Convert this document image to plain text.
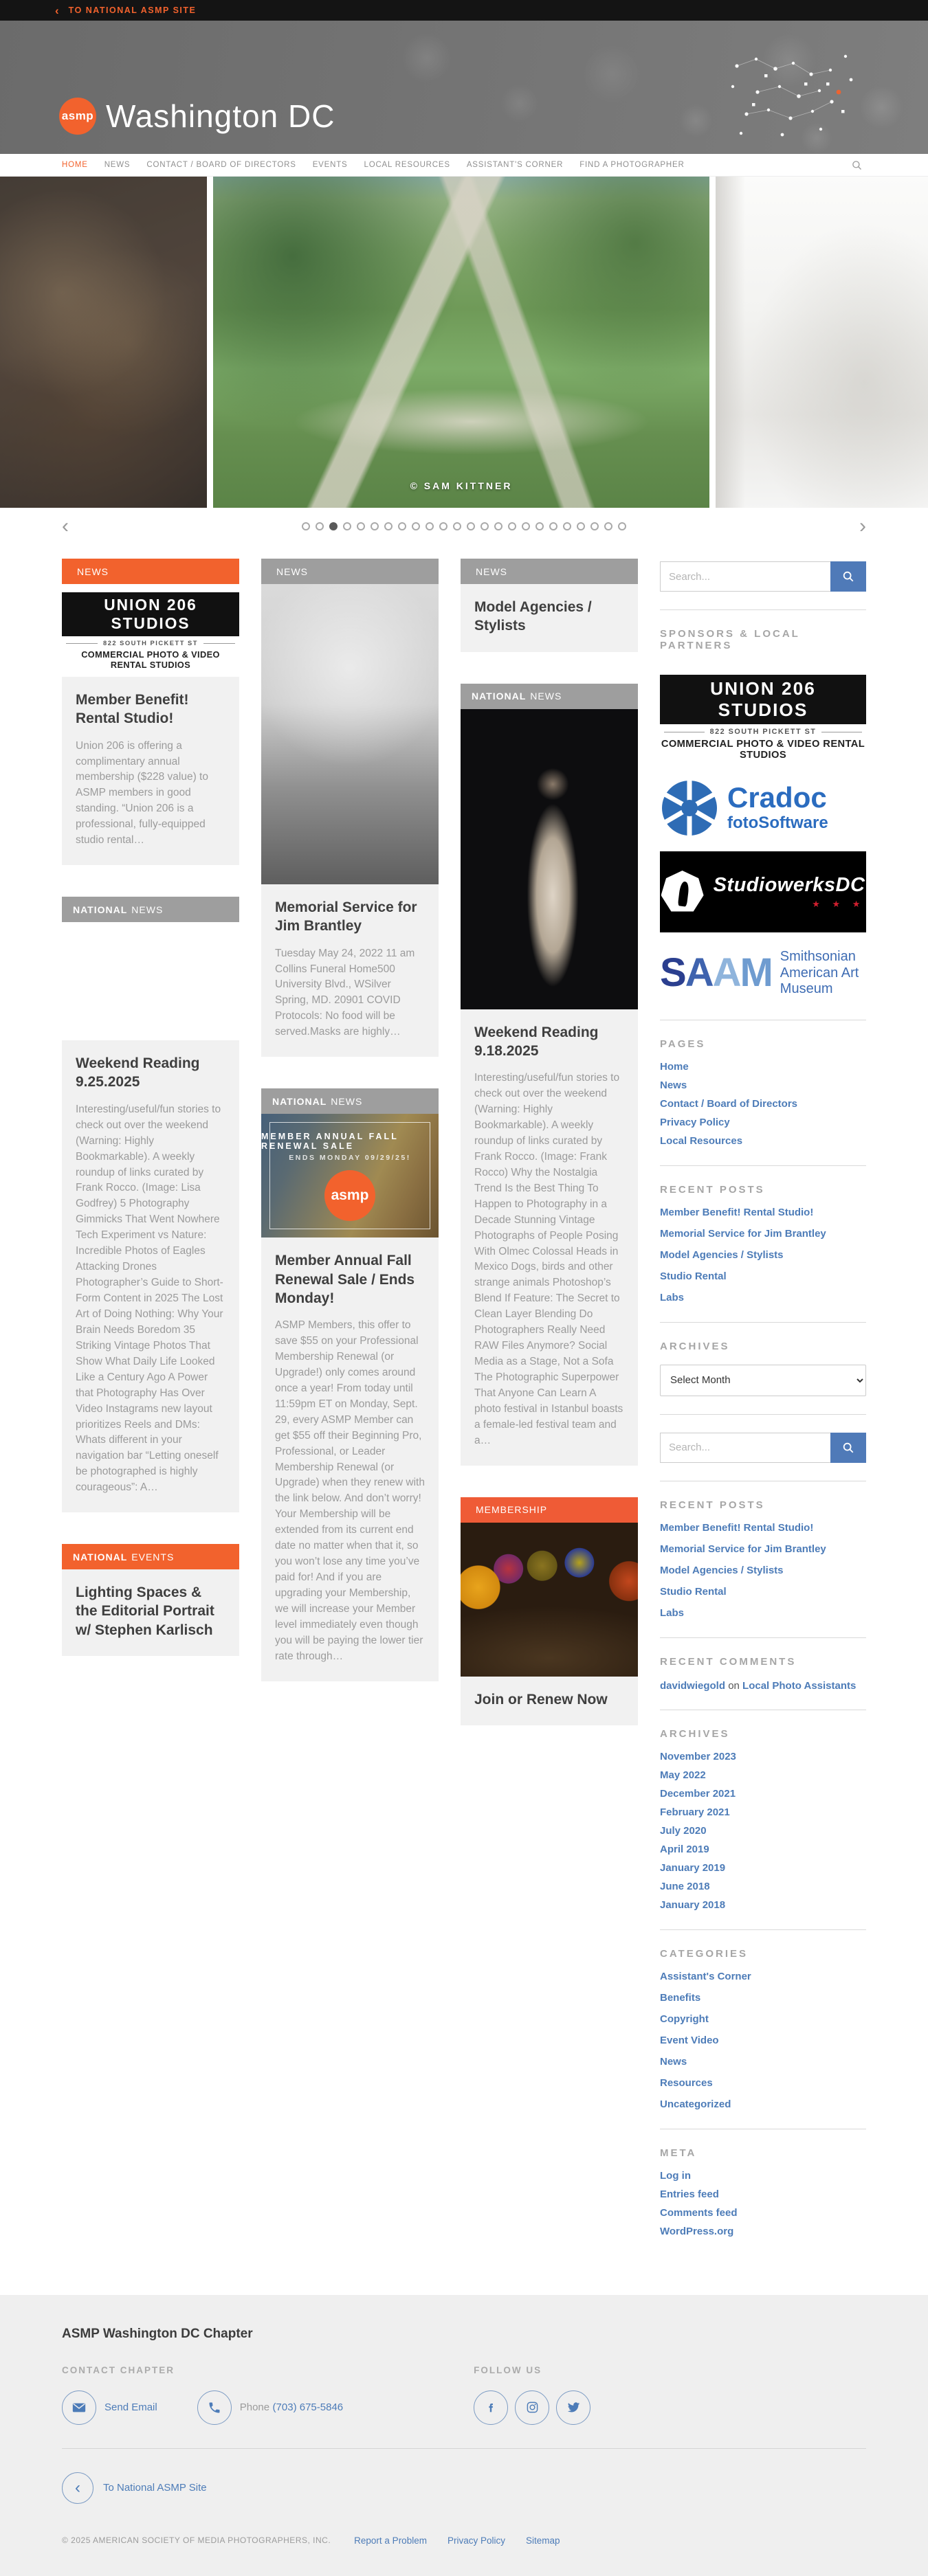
‹ TO NATIONAL ASMP SITE
asmp Washington DC
HOME NEWS CONTACT / BOARD OF DIRECTORS EVENTS LOCAL RESOURCES ASSISTANT'S CORNER FIND A PHOTOGRAPHER
© SAM KITTNER
‹	›
NEWS
UNION 206 STUDIOS
822 SOUTH PICKETT ST
COMMERCIAL PHOTO & VIDEO RENTAL STUDIOS
Member Benefit! Rental Studio!

Union 206 is offering a complimentary annual membership ($228 value) to ASMP members in good standing. “Union 206 is a professional, fully-equipped studio rental…

NATIONAL NEWS
Weekend Reading 9.25.2025

Interesting/useful/fun stories to check out over the weekend (Warning: Highly Bookmarkable). A weekly roundup of links curated by Frank Rocco. (Image: Lisa Godfrey) 5 Photography Gimmicks That Went Nowhere Tech Experiment vs Nature: Incredible Photos of Eagles Attacking Drones Photographer’s Guide to Short-Form Content in 2025 The Lost Art of Doing Nothing: Why Your Brain Needs Boredom 35 Striking Vintage Photos That Show What Daily Life Looked Like a Century Ago A Power that Photography Has Over Video Instagrams new layout prioritizes Reels and DMs: Whats different in your navigation bar “Letting oneself be photographed is highly courageous”: A…

NATIONAL EVENTS
Lighting Spaces & the Editorial Portrait w/ Stephen Karlisch
NEWS
Memorial Service for Jim Brantley

Tuesday May 24, 2022 11 am Collins Funeral Home500 University Blvd., WSilver Spring, MD. 20901 COVID Protocols: No food will be served.Masks are highly…

NATIONAL NEWS
MEMBER ANNUAL FALL RENEWAL SALE
ENDS MONDAY 09/29/25!
asmp
Member Annual Fall Renewal Sale / Ends Monday!

ASMP Members, this offer to save $55 on your Professional Membership Renewal (or Upgrade!) only comes around once a year! From today until 11:59pm ET on Monday, Sept. 29, every ASMP Member can get $55 off their Beginning Pro, Professional, or Leader Membership Renewal (or Upgrade) when they renew with the link below. And don’t worry! Your Membership will be extended from its current end date no matter when that it, so you won’t lose any time you’ve paid for! And if you are upgrading your Membership, we will increase your Member level immediately even though you will be paying the lower tier rate through…

NEWS
Model Agencies / Stylists
NATIONAL NEWS
Weekend Reading 9.18.2025

Interesting/useful/fun stories to check out over the weekend (Warning: Highly Bookmarkable). A weekly roundup of links curated by Frank Rocco. (Image: Frank Rocco) Why the Nostalgia Trend Is the Best Thing To Happen to Photography in a Decade Stunning Vintage Photographs of People Posing With Olmec Colossal Heads in Mexico Dogs, birds and other strange animals Photoshop’s Blend If Feature: The Secret to Clean Layer Blending Do Photographers Really Need RAW Files Anymore? Social Media as a Stage, Not a Sofa The Photographic Superpower That Anyone Can Learn A photo festival in Istanbul boasts a female-led festival team and a…

MEMBERSHIP
Join or Renew Now
Search...
SPONSORS & LOCAL PARTNERS
UNION 206 STUDIOS
822 SOUTH PICKETT ST
COMMERCIAL PHOTO & VIDEO RENTAL STUDIOS
Cradoc
fotoSoftware
StudiowerksDC
★ ★ ★
S A A M Smithsonian American Art Museum
PAGES
Home
News
Contact / Board of Directors
Privacy Policy
Local Resources
RECENT POSTS
Member Benefit! Rental Studio!
Memorial Service for Jim Brantley
Model Agencies / Stylists
Studio Rental
Labs
ARCHIVES
Select Month
Search...
RECENT POSTS
Member Benefit! Rental Studio!
Memorial Service for Jim Brantley
Model Agencies / Stylists
Studio Rental
Labs
RECENT COMMENTS

davidwiegold on Local Photo Assistants

ARCHIVES
November 2023
May 2022
December 2021
February 2021
July 2020
April 2019
January 2019
June 2018
January 2018
CATEGORIES
Assistant's Corner
Benefits
Copyright
Event Video
News
Resources
Uncategorized
META
Log in
Entries feed
Comments feed
WordPress.org
ASMP Washington DC Chapter
CONTACT CHAPTER
Send Email	Phone (703) 675-5846
FOLLOW US
‹	To National ASMP Site
© 2025 AMERICAN SOCIETY OF MEDIA PHOTOGRAPHERS, INC.	Report a Problem Privacy Policy Sitemap
